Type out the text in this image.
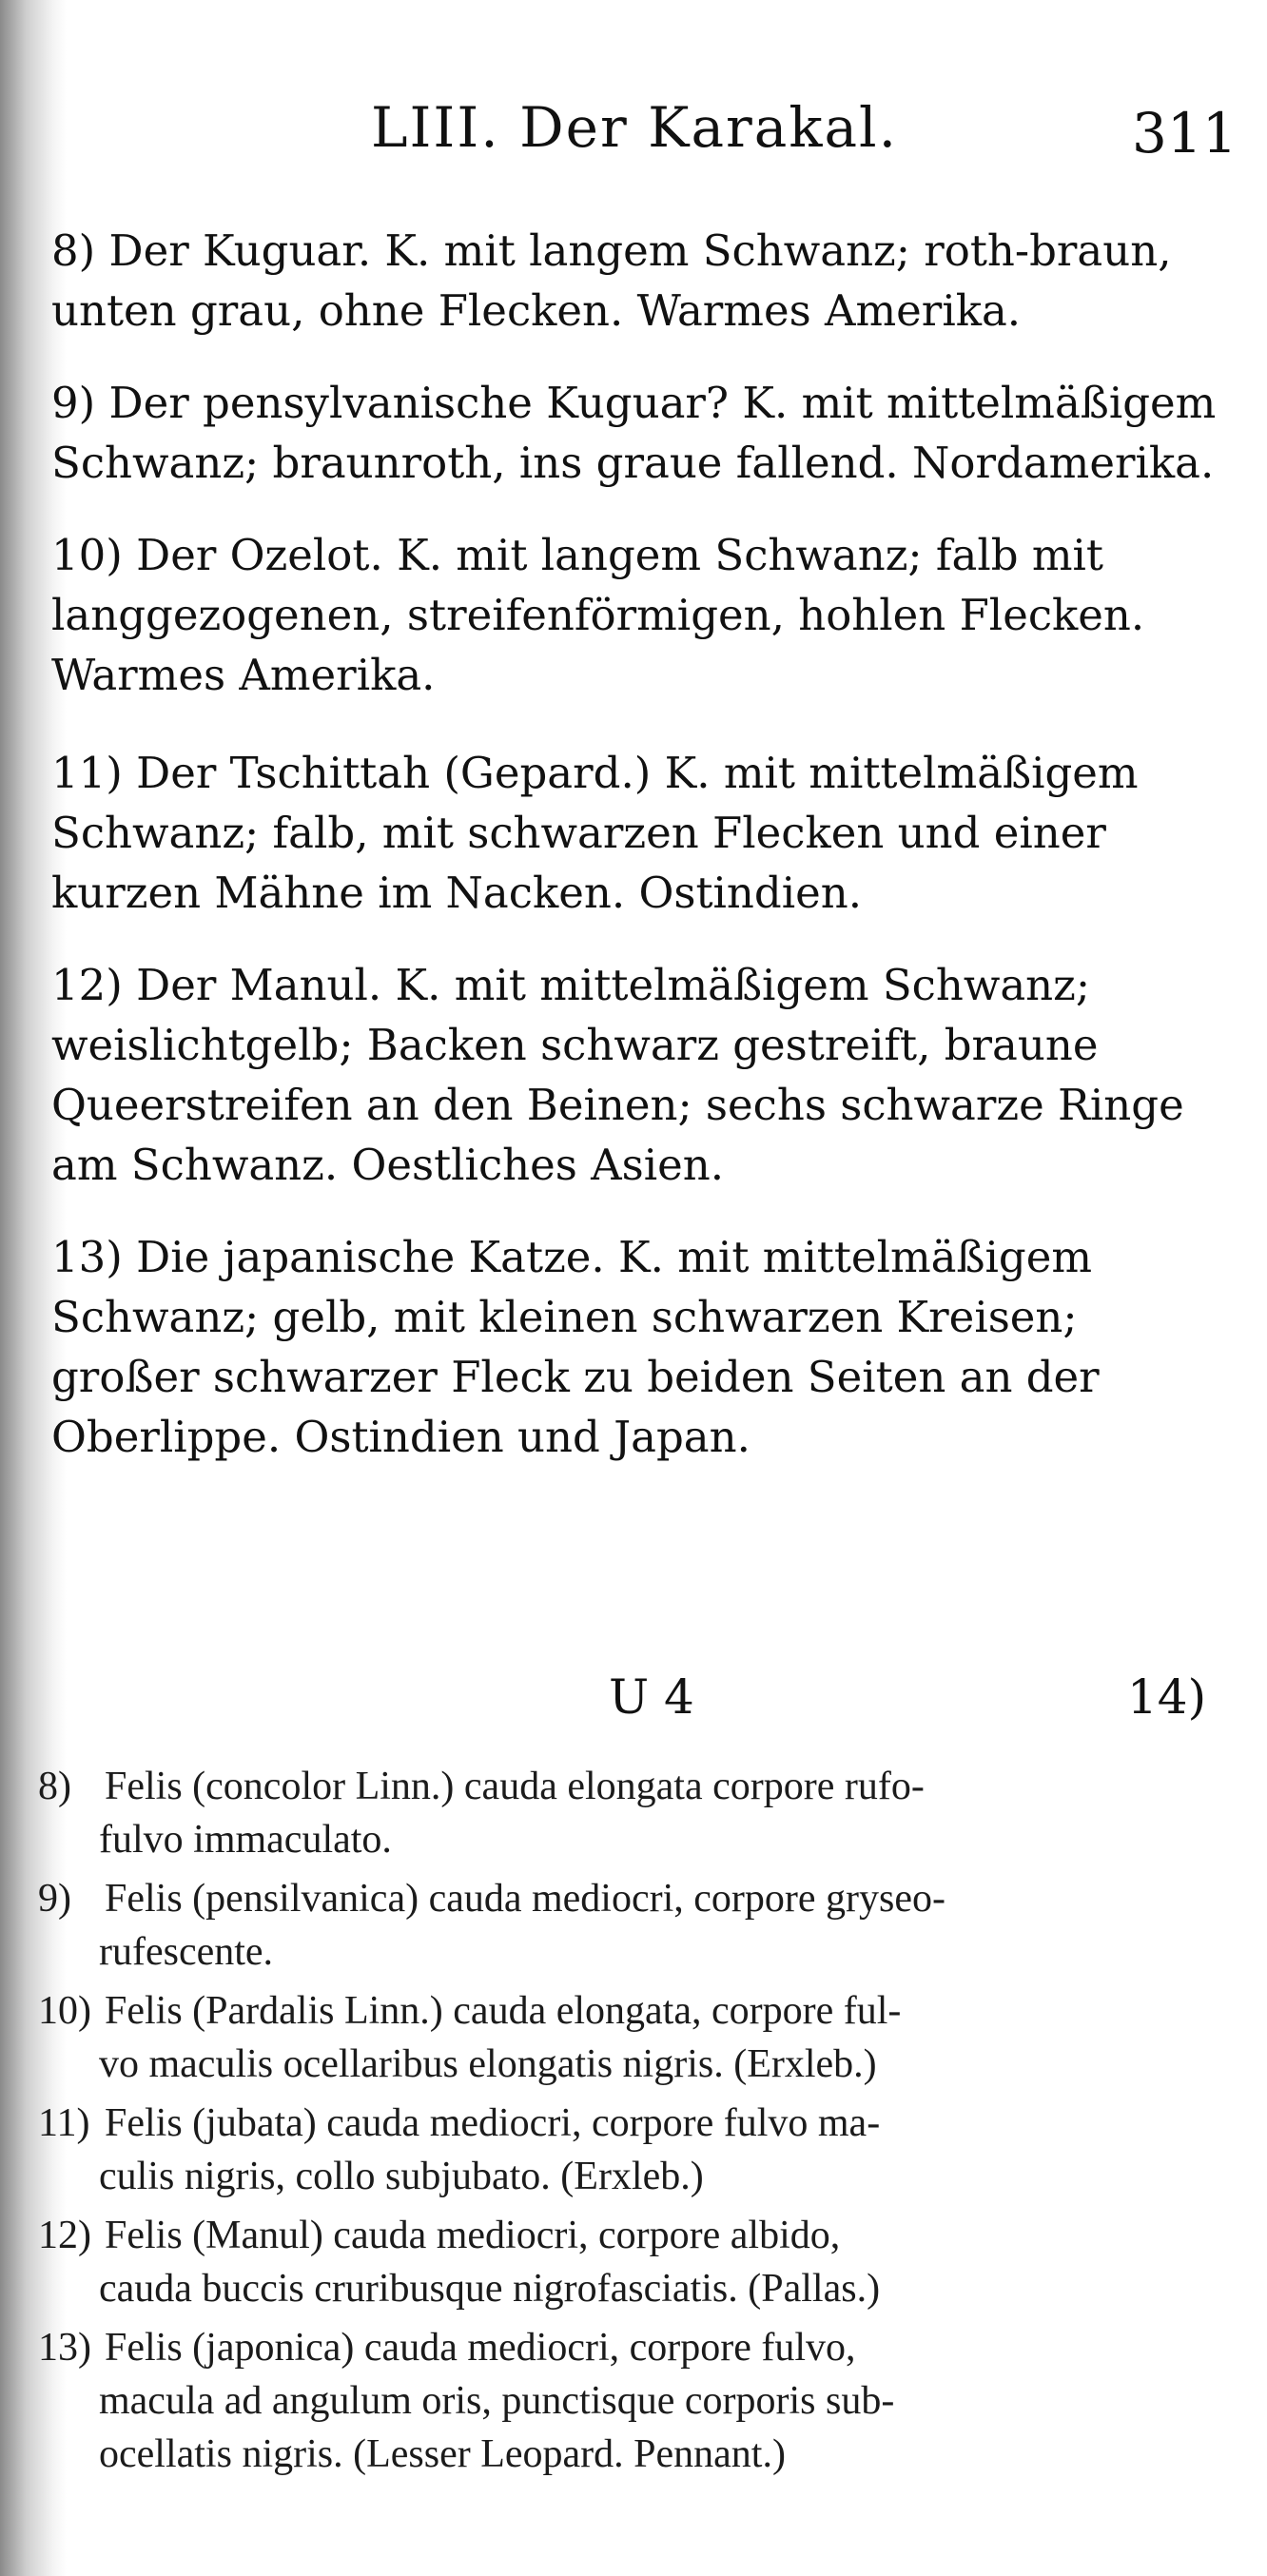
LIII. Der Karakal.	311
8) Der Kuguar. K. mit langem Schwanz; roth-braun, unten grau, ohne Flecken. Warmes Amerika.
9) Der pensylvanische Kuguar? K. mit mittelmäßigem Schwanz; braunroth, ins graue fallend. Nordamerika.
10) Der Ozelot. K. mit langem Schwanz; falb mit langgezogenen, streifenförmigen, hohlen Flecken. Warmes Amerika.
11) Der Tschittah (Gepard.) K. mit mittelmäßigem Schwanz; falb, mit schwarzen Flecken und einer kurzen Mähne im Nacken. Ostindien.
12) Der Manul. K. mit mittelmäßigem Schwanz; weislichtgelb; Backen schwarz gestreift, braune Queerstreifen an den Beinen; sechs schwarze Ringe am Schwanz. Oestliches Asien.
13) Die japanische Katze. K. mit mittelmäßigem Schwanz; gelb, mit kleinen schwarzen Kreisen; großer schwarzer Fleck zu beiden Seiten an der Oberlippe. Ostindien und Japan.
U 4	14)
8) Felis (concolor Linn.) cauda elongata corpore rufo-
fulvo immaculato.
9) Felis (pensilvanica) cauda mediocri, corpore gryseo-
rufescente.
10) Felis (Pardalis Linn.) cauda elongata, corpore ful-
vo maculis ocellaribus elongatis nigris. (Erxleb.)
11) Felis (jubata) cauda mediocri, corpore fulvo ma-
culis nigris, collo subjubato. (Erxleb.)
12) Felis (Manul) cauda mediocri, corpore albido,
cauda buccis cruribusque nigrofasciatis. (Pallas.)
13) Felis (japonica) cauda mediocri, corpore fulvo,
macula ad angulum oris, punctisque corporis sub-
ocellatis nigris. (Lesser Leopard. Pennant.)
